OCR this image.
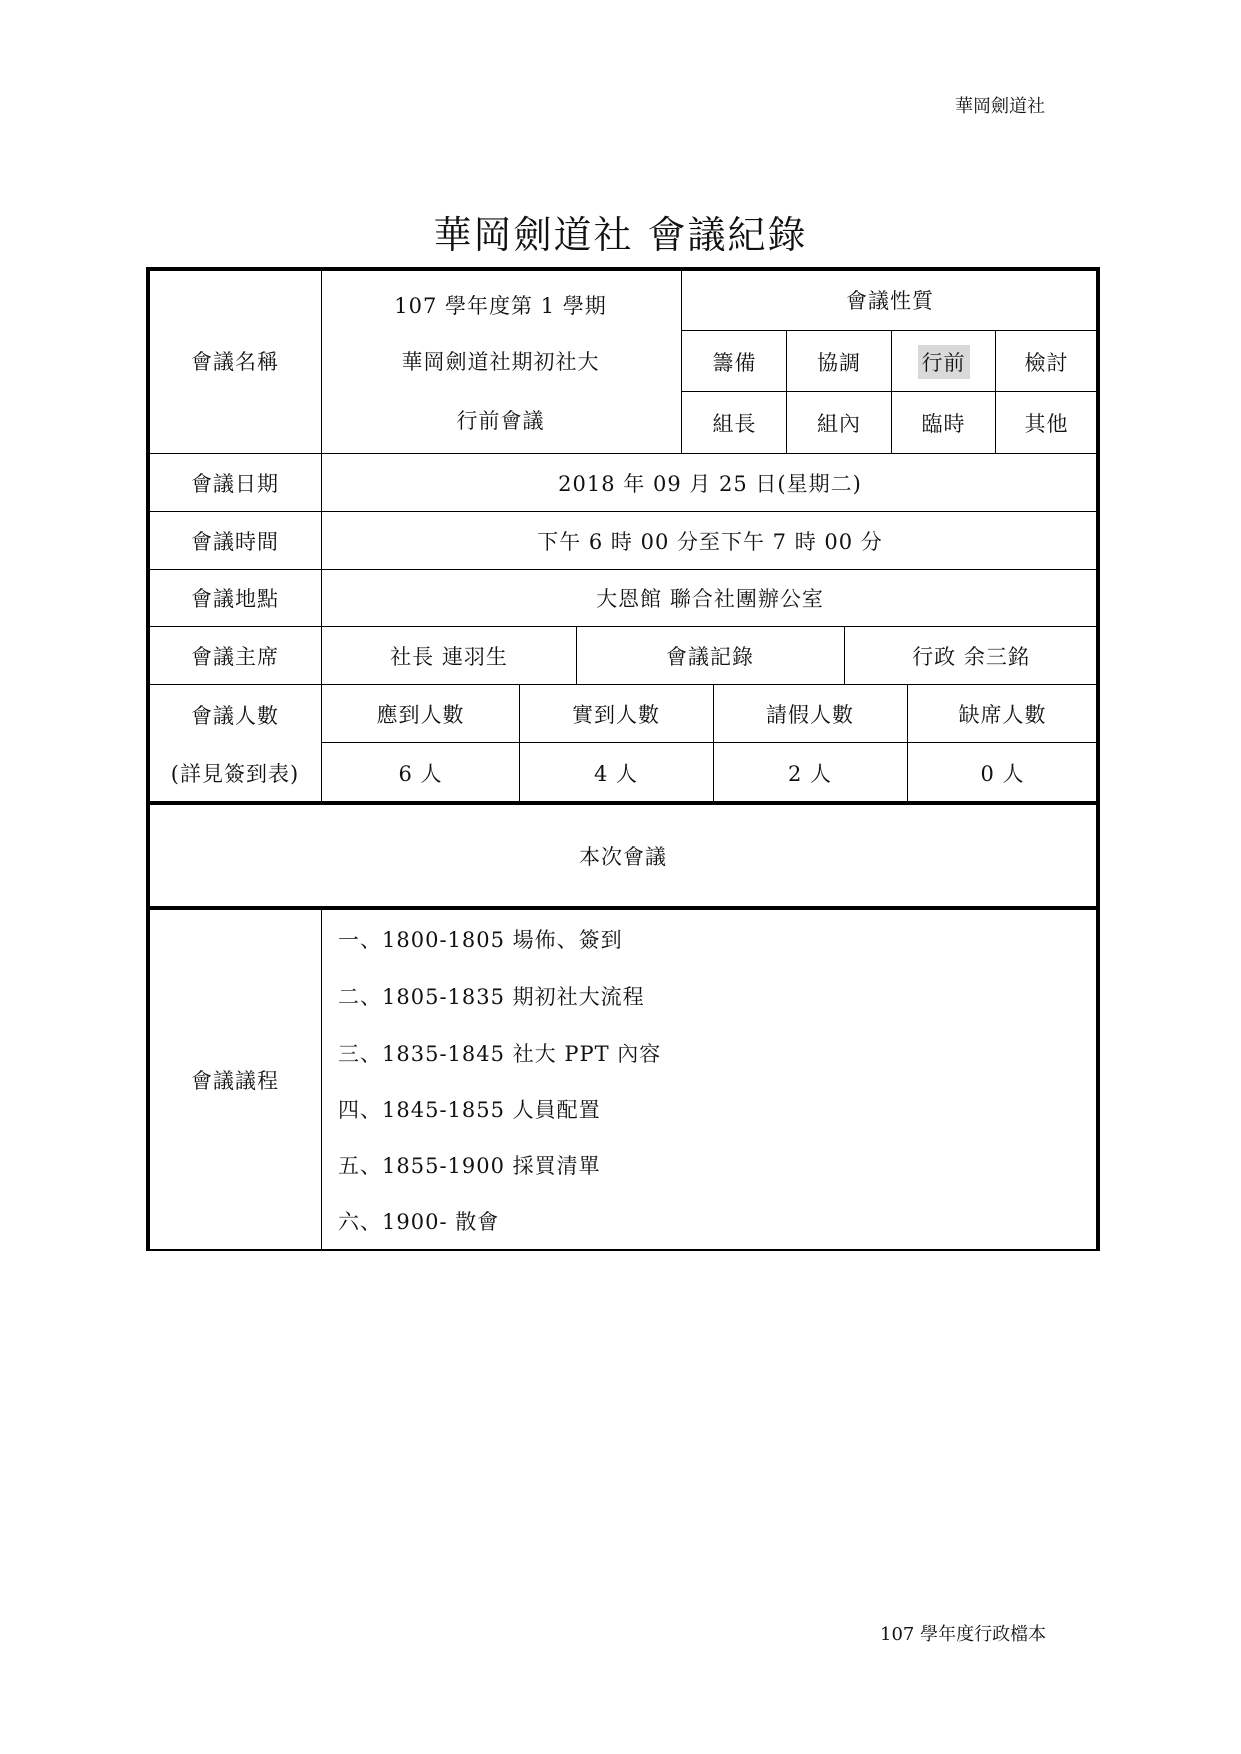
華岡劍道社
華岡劍道社 會議紀錄
會議名稱
107 學年度第 1 學期
華岡劍道社期初社大
行前會議
會議性質
籌備	協調	行前	檢討
組長	組內	臨時	其他
會議日期	2018 年 09 月 25 日(星期二)
會議時間	下午 6 時 00 分至下午 7 時 00 分
會議地點	大恩館 聯合社團辦公室
會議主席	社長 連羽生	會議記錄	行政 余三銘
會議人數
(詳見簽到表)
應到人數	實到人數	請假人數	缺席人數
6 人	4 人	2 人	0 人
本次會議
會議議程
一、1800-1805 場佈、簽到
二、1805-1835 期初社大流程
三、1835-1845 社大 PPT 內容
四、1845-1855 人員配置
五、1855-1900 採買清單
六、1900- 散會
107 學年度行政檔本
